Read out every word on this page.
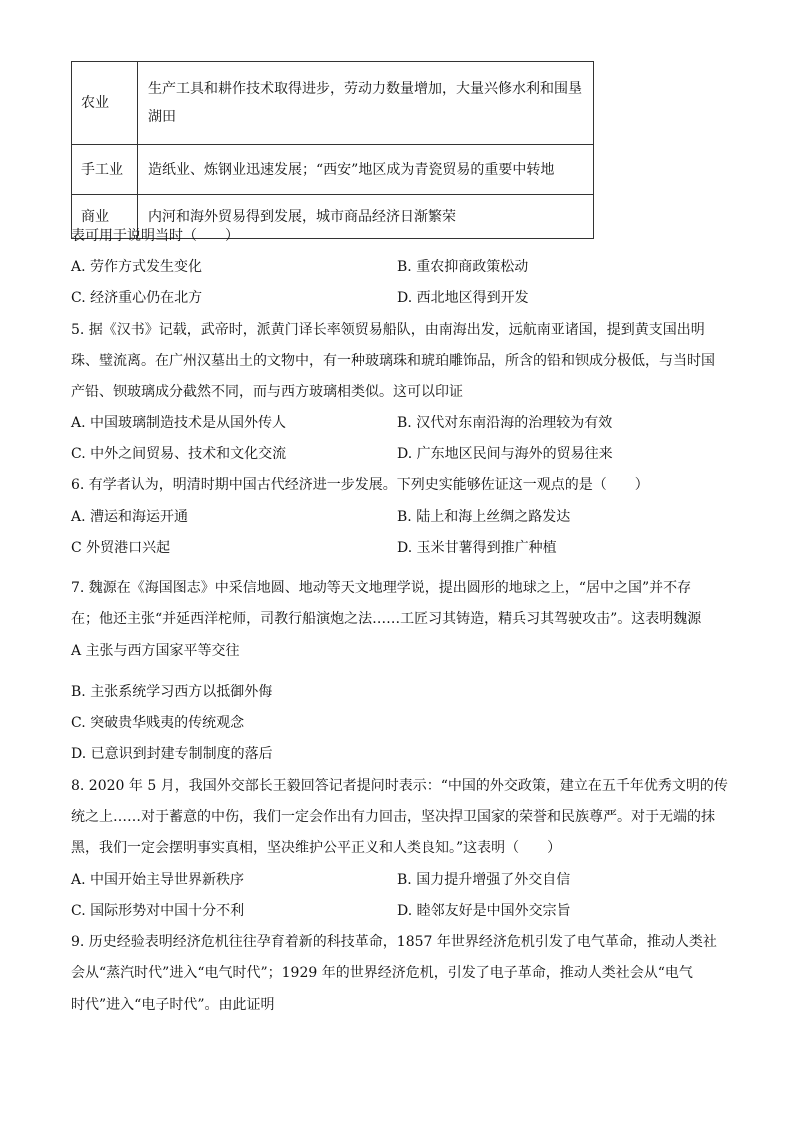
农业	生产工具和耕作技术取得进步，劳动力数量增加，大量兴修水利和围垦湖田
手工业	造纸业、炼钢业迅速发展；“西安”地区成为青瓷贸易的重要中转地
商业	内河和海外贸易得到发展，城市商品经济日渐繁荣
表可用于说明当时（　　）
A. 劳作方式发生变化	B. 重农抑商政策松动
C. 经济重心仍在北方	D. 西北地区得到开发
5. 据《汉书》记载，武帝时，派黄门译长率领贸易船队，由南海出发，远航南亚诸国，提到黄支国出明
珠、璧流离。在广州汉墓出土的文物中，有一种玻璃珠和琥珀雕饰品，所含的铅和钡成分极低，与当时国
产铅、钡玻璃成分截然不同，而与西方玻璃相类似。这可以印证
A. 中国玻璃制造技术是从国外传人	B. 汉代对东南沿海的治理较为有效
C. 中外之间贸易、技术和文化交流	D. 广东地区民间与海外的贸易往来
6. 有学者认为，明清时期中国古代经济进一步发展。下列史实能够佐证这一观点的是（　　）
A. 漕运和海运开通	B. 陆上和海上丝绸之路发达
C 外贸港口兴起	D. 玉米甘薯得到推广种植
7. 魏源在《海国图志》中采信地圆、地动等天文地理学说，提出圆形的地球之上，“居中之国”并不存
在；他还主张“并延西洋柁师，司教行船演炮之法……工匠习其铸造，精兵习其驾驶攻击”。这表明魏源
A 主张与西方国家平等交往
B. 主张系统学习西方以抵御外侮
C. 突破贵华贱夷的传统观念
D. 已意识到封建专制制度的落后
8. 2020 年 5 月，我国外交部长王毅回答记者提问时表示：“中国的外交政策，建立在五千年优秀文明的传
统之上……对于蓄意的中伤，我们一定会作出有力回击，坚决捍卫国家的荣誉和民族尊严。对于无端的抹
黑，我们一定会摆明事实真相，坚决维护公平正义和人类良知。”这表明（　　）
A. 中国开始主导世界新秩序	B. 国力提升增强了外交自信
C. 国际形势对中国十分不利	D. 睦邻友好是中国外交宗旨
9. 历史经验表明经济危机往往孕育着新的科技革命，1857 年世界经济危机引发了电气革命，推动人类社
会从“蒸汽时代”进入“电气时代”；1929 年的世界经济危机，引发了电子革命，推动人类社会从“电气
时代”进入“电子时代”。由此证明
